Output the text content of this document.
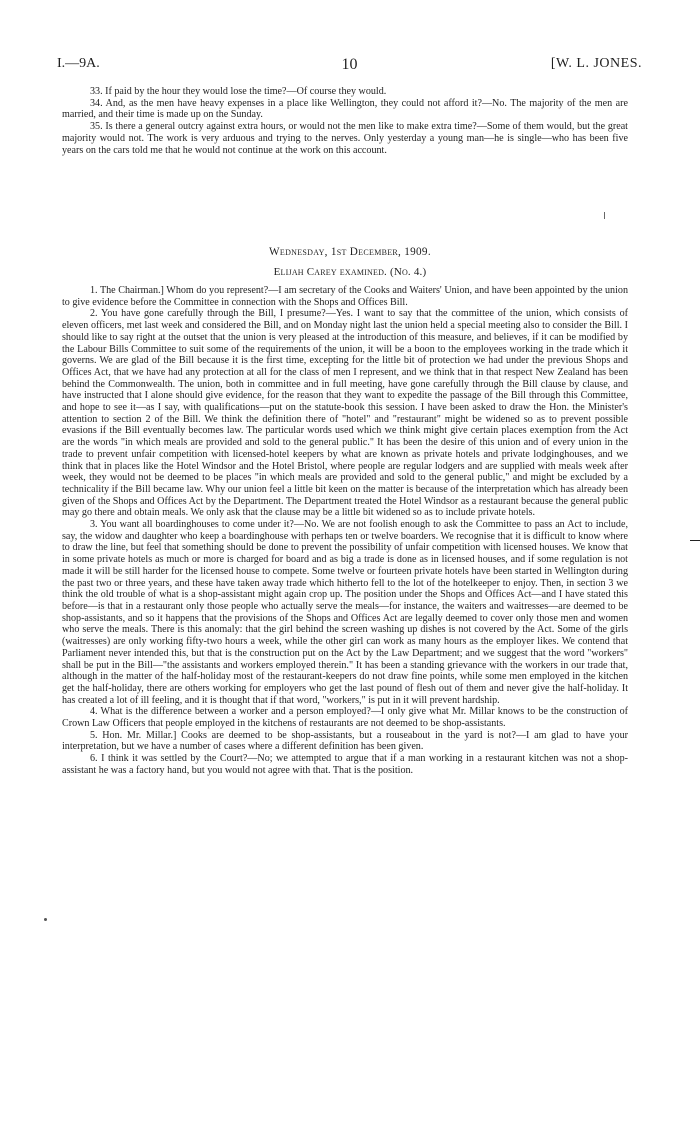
I.—9A.	10	[W. L. JONES.

33. If paid by the hour they would lose the time?—Of course they would.

34. And, as the men have heavy expenses in a place like Wellington, they could not afford it?—No. The majority of the men are married, and their time is made up on the Sunday.

35. Is there a general outcry against extra hours, or would not the men like to make extra time?—Some of them would, but the great majority would not. The work is very arduous and trying to the nerves. Only yesterday a young man—he is single—who has been five years on the cars told me that he would not continue at the work on this account.

Wednesday, 1st December, 1909.
Elijah Carey examined. (No. 4.)

1. The Chairman.] Whom do you represent?—I am secretary of the Cooks and Waiters' Union, and have been appointed by the union to give evidence before the Committee in connection with the Shops and Offices Bill.

2. You have gone carefully through the Bill, I presume?—Yes. I want to say that the committee of the union, which consists of eleven officers, met last week and considered the Bill, and on Monday night last the union held a special meeting also to consider the Bill. I should like to say right at the outset that the union is very pleased at the introduction of this measure, and believes, if it can be modified by the Labour Bills Committee to suit some of the requirements of the union, it will be a boon to the employees working in the trade which it governs. We are glad of the Bill because it is the first time, excepting for the little bit of protection we had under the previous Shops and Offices Act, that we have had any protection at all for the class of men I represent, and we think that in that respect New Zealand has been behind the Commonwealth. The union, both in committee and in full meeting, have gone carefully through the Bill clause by clause, and have instructed that I alone should give evidence, for the reason that they want to expedite the passage of the Bill through this Committee, and hope to see it—as I say, with qualifications—put on the statute-book this session. I have been asked to draw the Hon. the Minister's attention to section 2 of the Bill. We think the definition there of "hotel" and "restaurant" might be widened so as to prevent possible evasions if the Bill eventually becomes law. The particular words used which we think might give certain places exemption from the Act are the words "in which meals are provided and sold to the general public." It has been the desire of this union and of every union in the trade to prevent unfair competition with licensed-hotel keepers by what are known as private hotels and private lodginghouses, and we think that in places like the Hotel Windsor and the Hotel Bristol, where people are regular lodgers and are supplied with meals week after week, they would not be deemed to be places "in which meals are provided and sold to the general public," and might be excluded by a technicality if the Bill became law. Why our union feel a little bit keen on the matter is because of the interpretation which has already been given of the Shops and Offices Act by the Department. The Department treated the Hotel Windsor as a restaurant because the general public may go there and obtain meals. We only ask that the clause may be a little bit widened so as to include private hotels.

3. You want all boardinghouses to come under it?—No. We are not foolish enough to ask the Committee to pass an Act to include, say, the widow and daughter who keep a boardinghouse with perhaps ten or twelve boarders. We recognise that it is difficult to know where to draw the line, but feel that something should be done to prevent the possibility of unfair competition with licensed houses. We know that in some private hotels as much or more is charged for board and as big a trade is done as in licensed houses, and if some regulation is not made it will be still harder for the licensed house to compete. Some twelve or fourteen private hotels have been started in Wellington during the past two or three years, and these have taken away trade which hitherto fell to the lot of the hotelkeeper to enjoy. Then, in section 3 we think the old trouble of what is a shop-assistant might again crop up. The position under the Shops and Offices Act—and I have stated this before—is that in a restaurant only those people who actually serve the meals—for instance, the waiters and waitresses—are deemed to be shop-assistants, and so it happens that the provisions of the Shops and Offices Act are legally deemed to cover only those men and women who serve the meals. There is this anomaly: that the girl behind the screen washing up dishes is not covered by the Act. Some of the girls (waitresses) are only working fifty-two hours a week, while the other girl can work as many hours as the employer likes. We contend that Parliament never intended this, but that is the construction put on the Act by the Law Department; and we suggest that the word "workers" shall be put in the Bill—"the assistants and workers employed therein." It has been a standing grievance with the workers in our trade that, although in the matter of the half-holiday most of the restaurant-keepers do not draw fine points, while some men employed in the kitchen get the half-holiday, there are others working for employers who get the last pound of flesh out of them and never give the half-holiday. It has created a lot of ill feeling, and it is thought that if that word, "workers," is put in it will prevent hardship.

4. What is the difference between a worker and a person employed?—I only give what Mr. Millar knows to be the construction of Crown Law Officers that people employed in the kitchens of restaurants are not deemed to be shop-assistants.

5. Hon. Mr. Millar.] Cooks are deemed to be shop-assistants, but a rouseabout in the yard is not?—I am glad to have your interpretation, but we have a number of cases where a different definition has been given.

6. I think it was settled by the Court?—No; we attempted to argue that if a man working in a restaurant kitchen was not a shop-assistant he was a factory hand, but you would not agree with that. That is the position.
